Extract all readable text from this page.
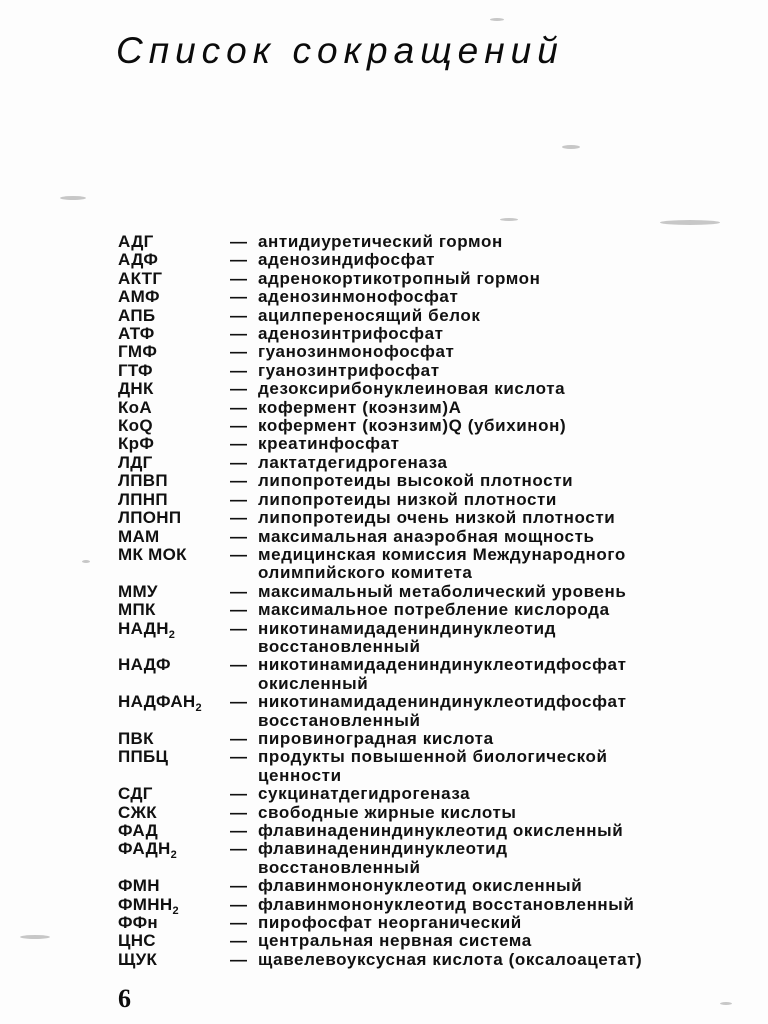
Список сокращений
АДГ	— антидиуретический гормон
АДФ	— аденозиндифосфат
АКТГ	— адренокортикотропный гормон
АМФ	— аденозинмонофосфат
АПБ	— ацилпереносящий белок
АТФ	— аденозинтрифосфат
ГМФ	— гуанозинмонофосфат
ГТФ	— гуанозинтрифосфат
ДНК	— дезоксирибонуклеиновая кислота
КоА	— кофермент (коэнзим)А
КоQ	— кофермент (коэнзим)Q (убихинон)
КрФ	— креатинфосфат
ЛДГ	— лактатдегидрогеназа
ЛПВП	— липопротеиды высокой плотности
ЛПНП	— липопротеиды низкой плотности
ЛПОНП	— липопротеиды очень низкой плотности
МАМ	— максимальная анаэробная мощность
МК МОК	— медицинская комиссия Международного
олимпийского комитета
ММУ	— максимальный метаболический уровень
МПК	— максимальное потребление кислорода
$НАДН_2$	— никотинамидадениндинуклеотид
восстановленный
НАДФ	— никотинамидадениндинуклеотидфосфат
окисленный
$НАДФАН_2$	— никотинамидадениндинуклеотидфосфат
восстановленный
ПВК	— пировиноградная кислота
ППБЦ	— продукты повышенной биологической
ценности
СДГ	— сукцинатдегидрогеназа
СЖК	— свободные жирные кислоты
ФАД	— флавинадениндинуклеотид окисленный
$ФАДН_2$	— флавинадениндинуклеотид
восстановленный
ФМН	— флавинмононуклеотид окисленный
$ФМНН_2$	— флавинмононуклеотид восстановленный
ФФн	— пирофосфат неорганический
ЦНС	— центральная нервная система
ЩУК	— щавелевоуксусная кислота (оксалоацетат)
6
